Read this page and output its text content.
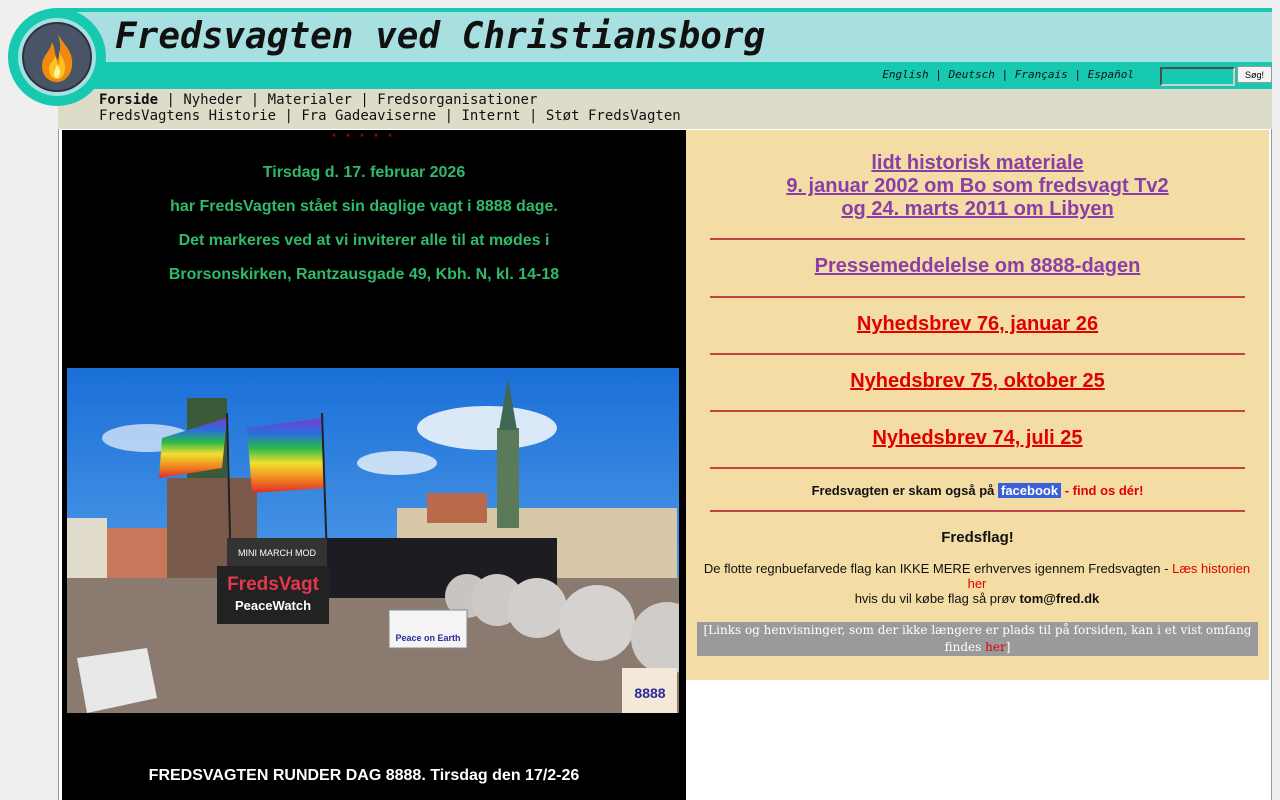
Fredsvagten ved Christiansborg
English | Deutsch | Français | Español	Søg!
Forside | Nyheder | Materialer | Fredsorganisationer
FredsVagtens Historie | Fra Gadeaviserne | Internt | Støt FredsVagten
* * * * *
Tirsdag d. 17. februar 2026
har FredsVagten stået sin daglige vagt i 8888 dage.
Det markeres ved at vi inviterer alle til at mødes i
Brorsonskirken, Rantzausgade 49, Kbh. N, kl. 14-18
FredsVagt
PeaceWatch
MINI MARCH MOD
Peace on Earth
8888
FREDSVAGTEN RUNDER DAG 8888. Tirsdag den 17/2-26
lidt historisk materiale
9. januar 2002 om Bo som fredsvagt Tv2
og 24. marts 2011 om Libyen
Pressemeddelelse om 8888-dagen
Nyhedsbrev 76, januar 26
Nyhedsbrev 75, oktober 25
Nyhedsbrev 74, juli 25
Fredsvagten er skam også på facebook - find os dér!
Fredsflag!
De flotte regnbuefarvede flag kan IKKE MERE erhverves igennem Fredsvagten - Læs historien her
hvis du vil købe flag så prøv tom@fred.dk
[Links og henvisninger, som der ikke længere er plads til på forsiden, kan i et vist omfang findes her]
